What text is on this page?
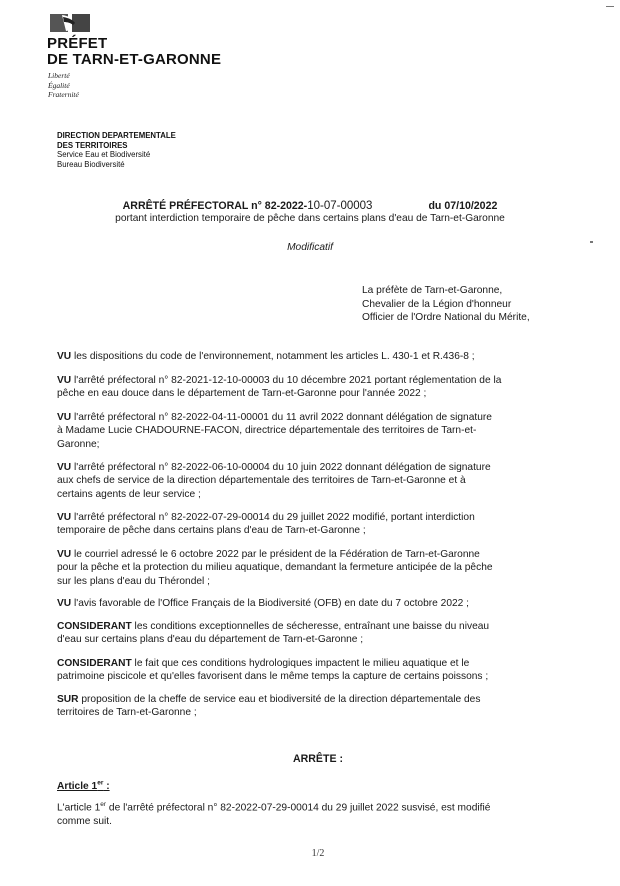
PRÉFET
DE TARN-ET-GARONNE
Liberté
Égalité
Fraternité
DIRECTION DEPARTEMENTALE
DES TERRITOIRES
Service Eau et Biodiversité
Bureau Biodiversité
ARRÊTÉ PRÉFECTORAL n° 82-2022-10-07-00003	du 07/10/2022
portant interdiction temporaire de pêche dans certains plans d'eau de Tarn-et-Garonne
Modificatif
La préfète de Tarn-et-Garonne,
Chevalier de la Légion d'honneur
Officier de l'Ordre National du Mérite,
VU les dispositions du code de l'environnement, notamment les articles L. 430-1 et R.436-8 ;
VU l'arrêté préfectoral n° 82-2021-12-10-00003 du 10 décembre 2021 portant réglementation de la
pêche en eau douce dans le département de Tarn-et-Garonne pour l'année 2022 ;
VU l'arrêté préfectoral n° 82-2022-04-11-00001 du 11 avril 2022 donnant délégation de signature
à Madame Lucie CHADOURNE-FACON, directrice départementale des territoires de Tarn-et-
Garonne;
VU l'arrêté préfectoral n° 82-2022-06-10-00004 du 10 juin 2022 donnant délégation de signature
aux chefs de service de la direction départementale des territoires de Tarn-et-Garonne et à
certains agents de leur service ;
VU l'arrêté préfectoral n° 82-2022-07-29-00014 du 29 juillet 2022 modifié, portant interdiction
temporaire de pêche dans certains plans d'eau de Tarn-et-Garonne ;
VU le courriel adressé le 6 octobre 2022 par le président de la Fédération de Tarn-et-Garonne
pour la pêche et la protection du milieu aquatique, demandant la fermeture anticipée de la pêche
sur les plans d'eau du Thérondel ;
VU l'avis favorable de l'Office Français de la Biodiversité (OFB) en date du 7 octobre 2022 ;
CONSIDERANT les conditions exceptionnelles de sécheresse, entraînant une baisse du niveau
d'eau sur certains plans d'eau du département de Tarn-et-Garonne ;
CONSIDERANT le fait que ces conditions hydrologiques impactent le milieu aquatique et le
patrimoine piscicole et qu'elles favorisent dans le même temps la capture de certains poissons ;
SUR proposition de la cheffe de service eau et biodiversité de la direction départementale des
territoires de Tarn-et-Garonne ;
ARRÊTE :
Article 1er :
L'article 1er de l'arrêté préfectoral n° 82-2022-07-29-00014 du 29 juillet 2022 susvisé, est modifié
comme suit.
1/2
